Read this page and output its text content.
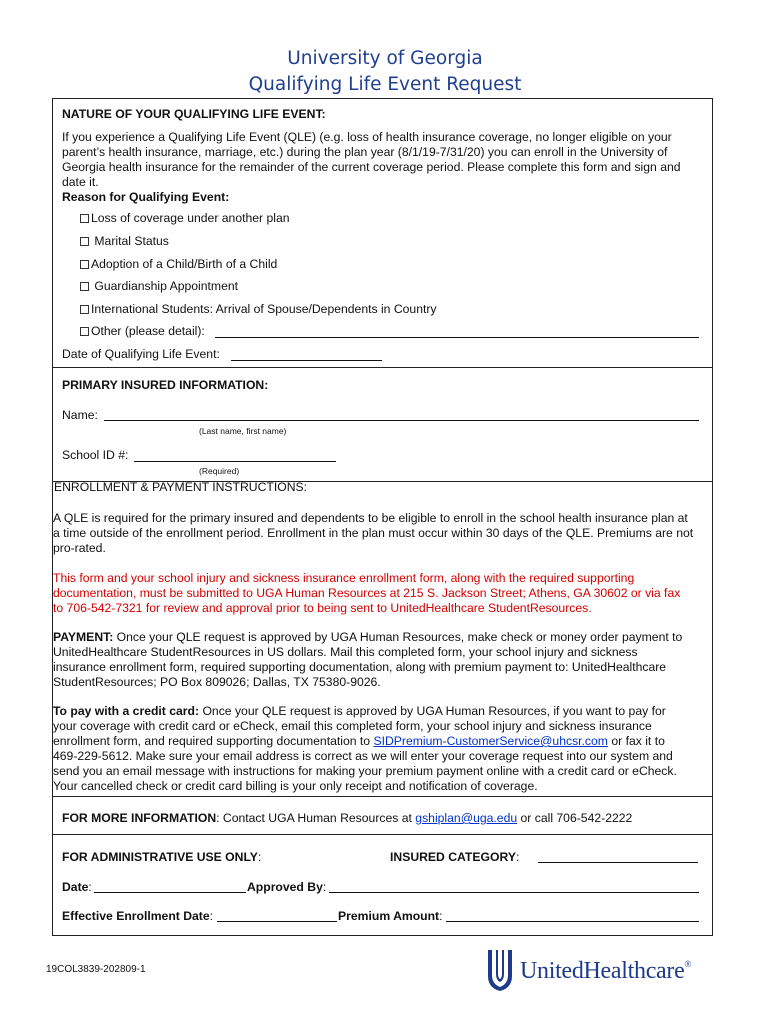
University of Georgia
Qualifying Life Event Request
NATURE OF YOUR QUALIFYING LIFE EVENT:
If you experience a Qualifying Life Event (QLE) (e.g. loss of health insurance coverage, no longer eligible on your
parent’s health insurance, marriage, etc.) during the plan year (8/1/19-7/31/20) you can enroll in the University of
Georgia health insurance for the remainder of the current coverage period. Please complete this form and sign and
date it.
Reason for Qualifying Event:
Loss of coverage under another plan
Marital Status
Adoption of a Child/Birth of a Child
Guardianship Appointment
International Students: Arrival of Spouse/Dependents in Country
Other (please detail):
Date of Qualifying Life Event:
PRIMARY INSURED INFORMATION:
Name:
(Last name, first name)
School ID #:
(Required)
ENROLLMENT & PAYMENT INSTRUCTIONS:
A QLE is required for the primary insured and dependents to be eligible to enroll in the school health insurance plan at
a time outside of the enrollment period. Enrollment in the plan must occur within 30 days of the QLE. Premiums are not
pro-rated.
This form and your school injury and sickness insurance enrollment form, along with the required supporting
documentation, must be submitted to UGA Human Resources at 215 S. Jackson Street; Athens, GA 30602 or via fax
to 706-542-7321 for review and approval prior to being sent to UnitedHealthcare StudentResources.
PAYMENT: Once your QLE request is approved by UGA Human Resources, make check or money order payment to
UnitedHealthcare StudentResources in US dollars. Mail this completed form, your school injury and sickness
insurance enrollment form, required supporting documentation, along with premium payment to: UnitedHealthcare
StudentResources; PO Box 809026; Dallas, TX 75380-9026.
To pay with a credit card: Once your QLE request is approved by UGA Human Resources, if you want to pay for
your coverage with credit card or eCheck, email this completed form, your school injury and sickness insurance
enrollment form, and required supporting documentation to SIDPremium-CustomerService@uhcsr.com or fax it to
469-229-5612. Make sure your email address is correct as we will enter your coverage request into our system and
send you an email message with instructions for making your premium payment online with a credit card or eCheck.
Your cancelled check or credit card billing is your only receipt and notification of coverage.
FOR MORE INFORMATION: Contact UGA Human Resources at gshiplan@uga.edu or call 706-542-2222
FOR ADMINISTRATIVE USE ONLY:	INSURED CATEGORY:
Date:	Approved By:
Effective Enrollment Date:	Premium Amount:
19COL3839-202809-1	UnitedHealthcare®
